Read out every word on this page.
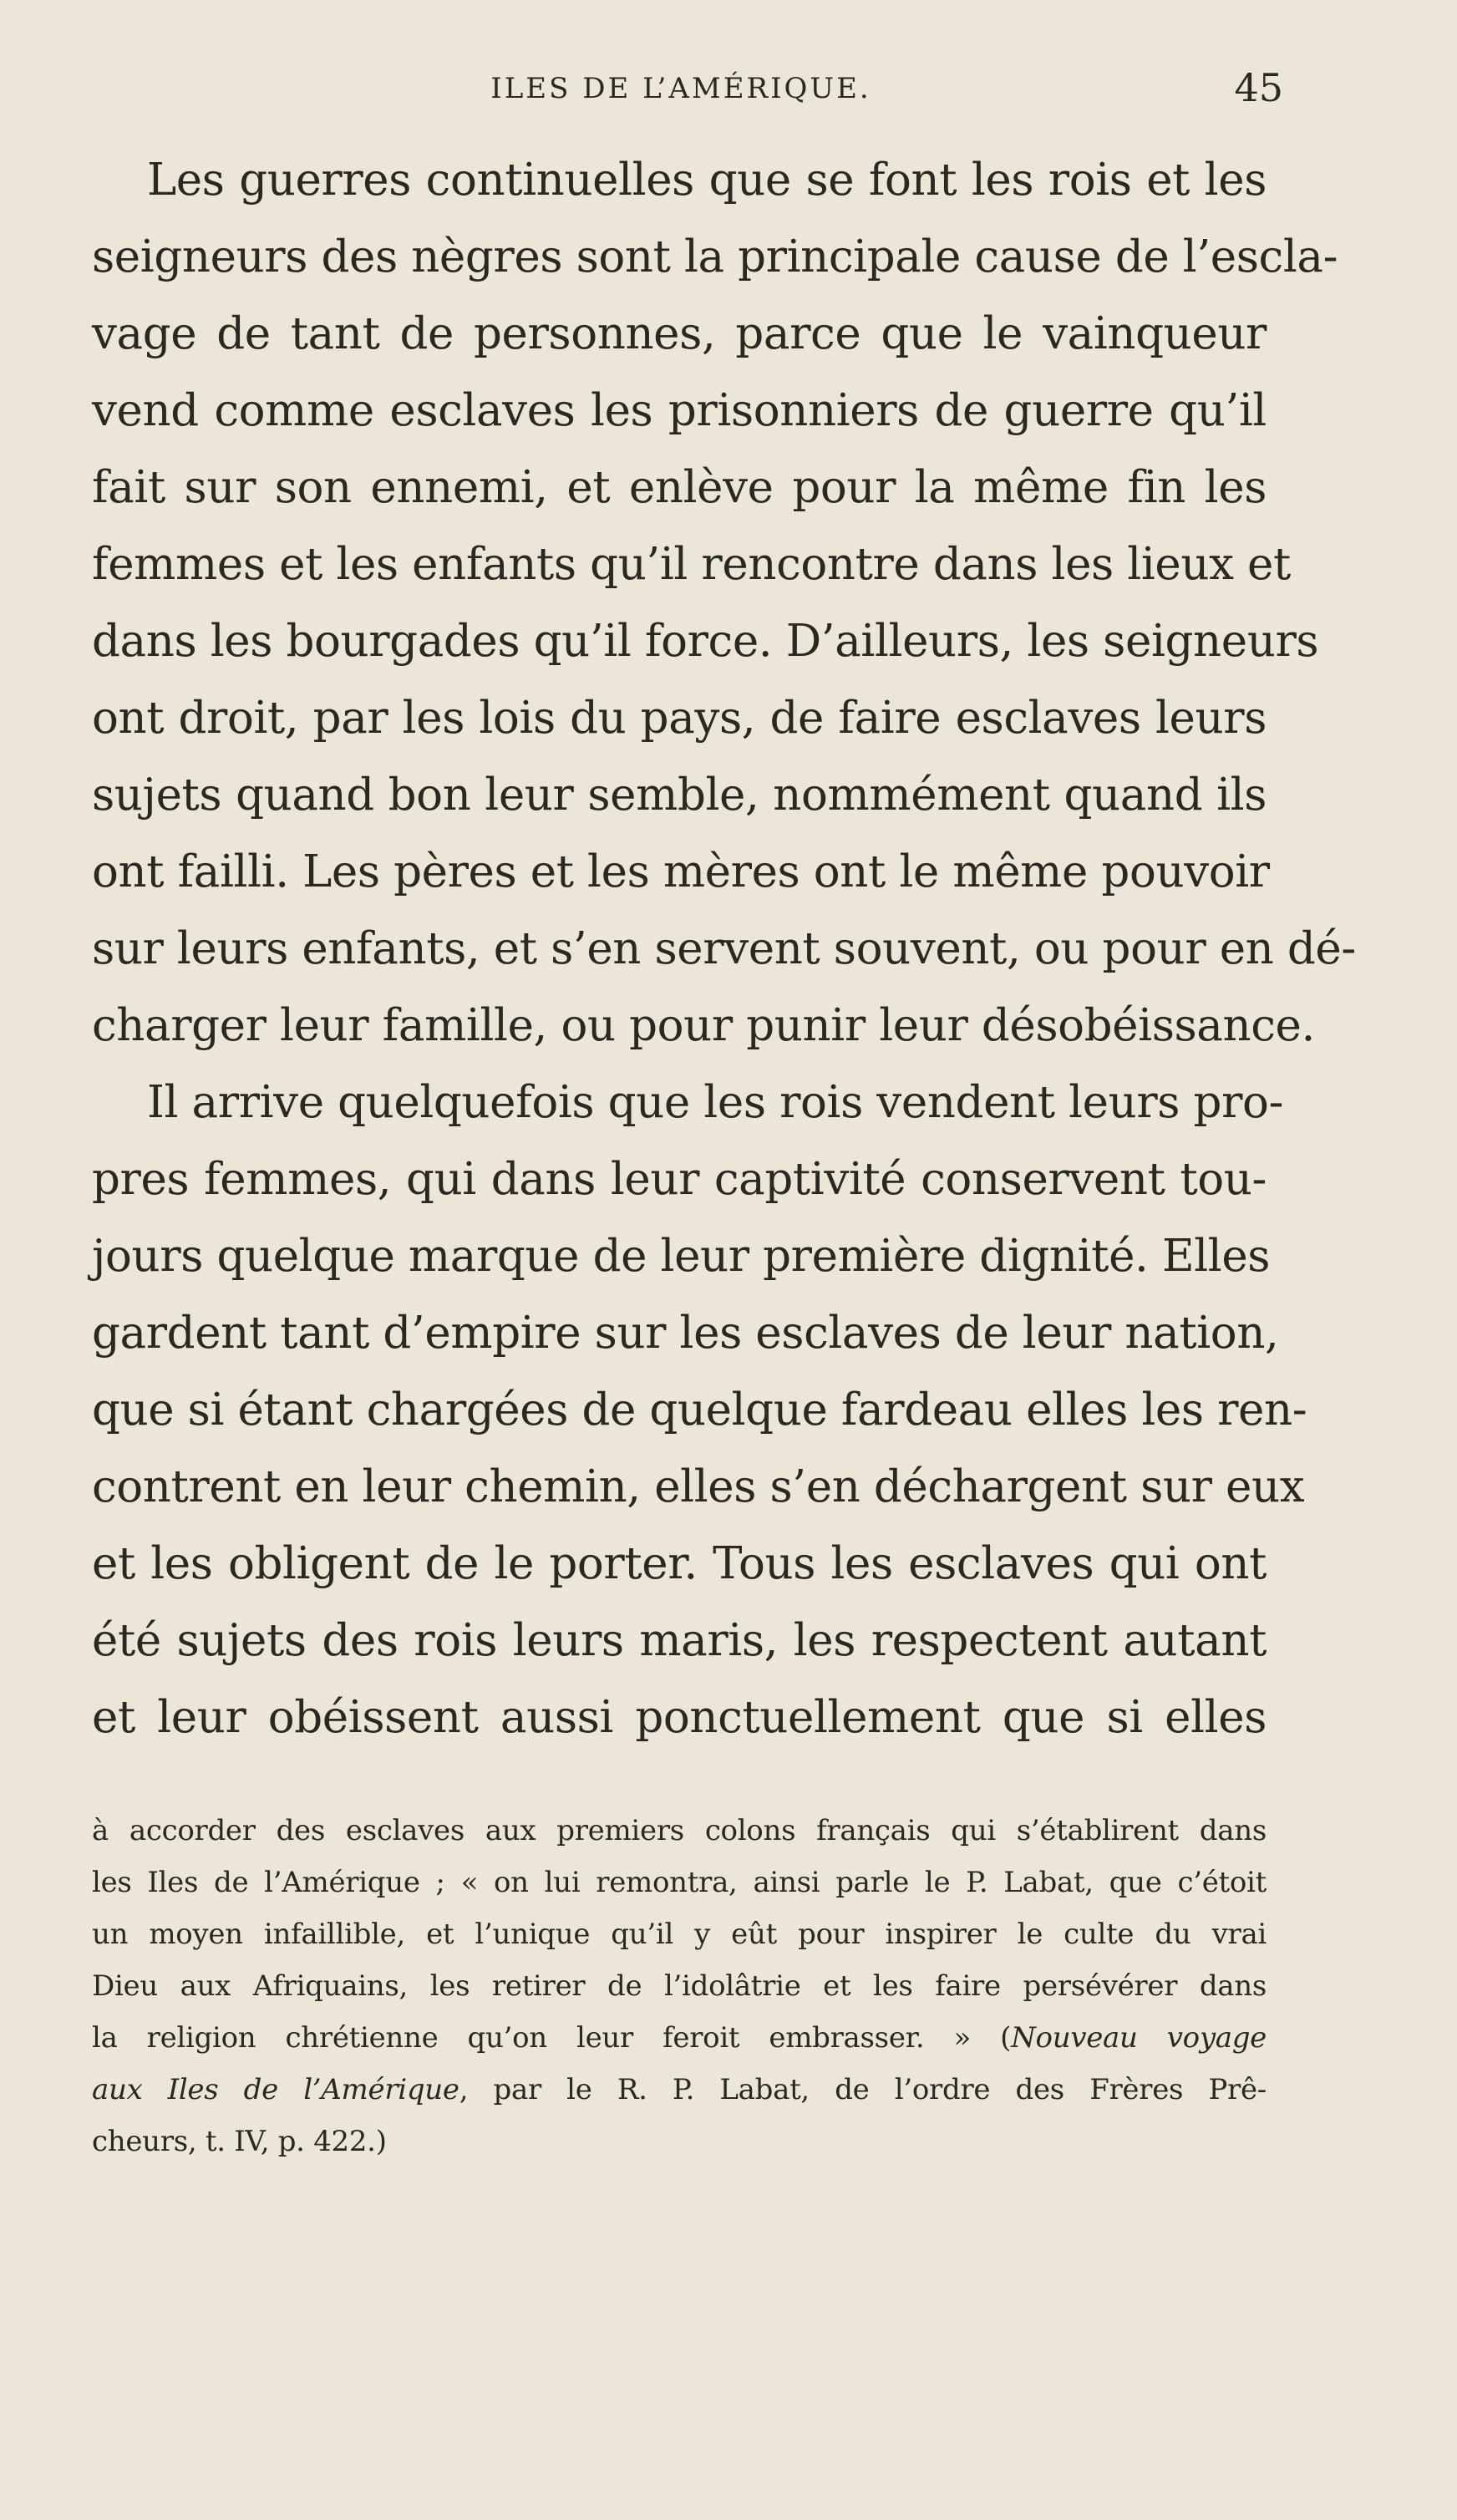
ILES DE L’AMÉRIQUE.	45
Les guerres continuelles que se font les rois et les
seigneurs des nègres sont la principale cause de l’escla-
vage de tant de personnes, parce que le vainqueur
vend comme esclaves les prisonniers de guerre qu’il
fait sur son ennemi, et enlève pour la même fin les
femmes et les enfants qu’il rencontre dans les lieux et
dans les bourgades qu’il force. D’ailleurs, les seigneurs
ont droit, par les lois du pays, de faire esclaves leurs
sujets quand bon leur semble, nommément quand ils
ont failli. Les pères et les mères ont le même pouvoir
sur leurs enfants, et s’en servent souvent, ou pour en dé-
charger leur famille, ou pour punir leur désobéissance.
Il arrive quelquefois que les rois vendent leurs pro-
pres femmes, qui dans leur captivité conservent tou-
jours quelque marque de leur première dignité. Elles
gardent tant d’empire sur les esclaves de leur nation,
que si étant chargées de quelque fardeau elles les ren-
contrent en leur chemin, elles s’en déchargent sur eux
et les obligent de le porter. Tous les esclaves qui ont
été sujets des rois leurs maris, les respectent autant
et leur obéissent aussi ponctuellement que si elles
à accorder des esclaves aux premiers colons français qui s’établirent dans
les Iles de l’Amérique ; « on lui remontra, ainsi parle le P. Labat, que c’étoit
un moyen infaillible, et l’unique qu’il y eût pour inspirer le culte du vrai
Dieu aux Afriquains, les retirer de l’idolâtrie et les faire persévérer dans
la religion chrétienne qu’on leur feroit embrasser. » (Nouveau voyage
aux Iles de l’Amérique, par le R. P. Labat, de l’ordre des Frères Prê-
cheurs, t. IV, p. 422.)
